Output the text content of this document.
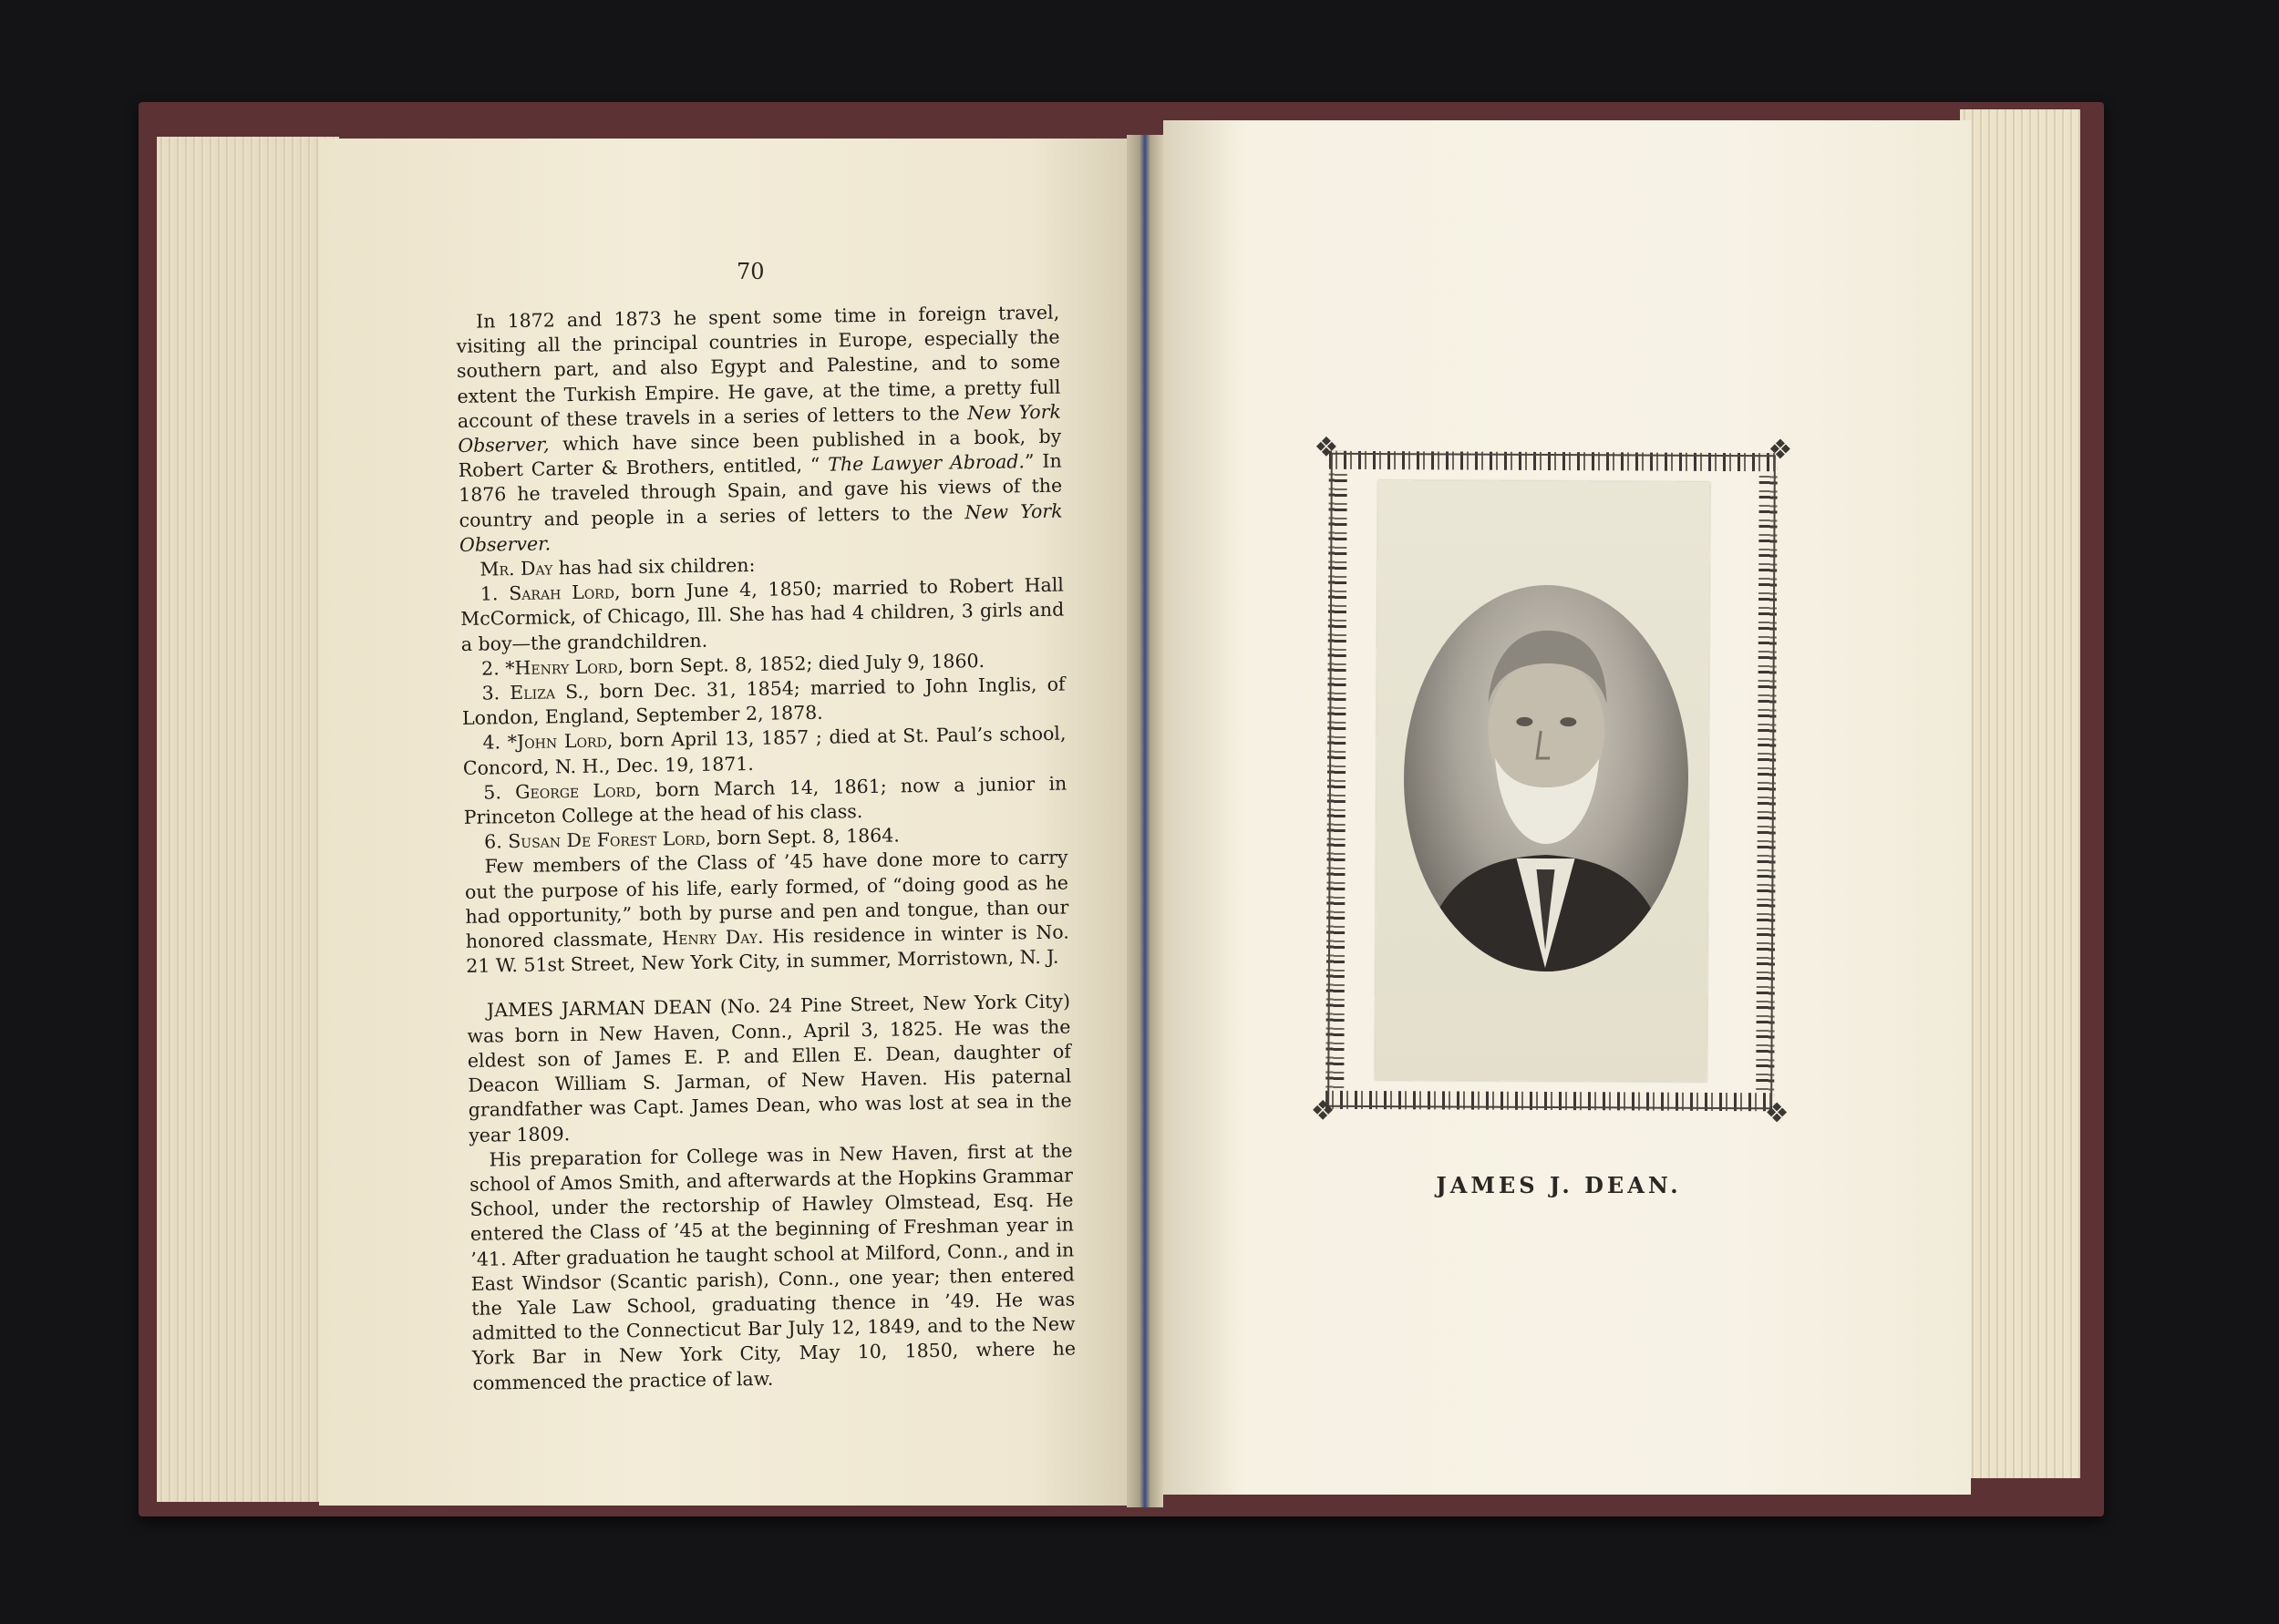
70

In 1872 and 1873 he spent some time in foreign travel, visiting all the principal countries in Europe, especially the southern part, and also Egypt and Palestine, and to some extent the Turkish Empire. He gave, at the time, a pretty full account of these travels in a series of letters to the New York Observer, which have since been published in a book, by Robert Carter & Brothers, entitled, “ The Lawyer Abroad.” In 1876 he traveled through Spain, and gave his views of the country and people in a series of letters to the New York Observer.

Mr. Day has had six children:

1. Sarah Lord, born June 4, 1850; married to Robert Hall McCormick, of Chicago, Ill. She has had 4 children, 3 girls and a boy—the grandchildren.

2. *Henry Lord, born Sept. 8, 1852; died July 9, 1860.

3. Eliza S., born Dec. 31, 1854; married to John Inglis, of London, England, September 2, 1878.

4. *John Lord, born April 13, 1857 ; died at St. Paul’s school, Concord, N. H., Dec. 19, 1871.

5. George Lord, born March 14, 1861; now a junior in Princeton College at the head of his class.

6. Susan De Forest Lord, born Sept. 8, 1864.

Few members of the Class of ’45 have done more to carry out the purpose of his life, early formed, of “doing good as he had opportunity,” both by purse and pen and tongue, than our honored classmate, Henry Day. His residence in winter is No. 21 W. 51st Street, New York City, in summer, Morristown, N. J.

JAMES JARMAN DEAN (No. 24 Pine Street, New York City) was born in New Haven, Conn., April 3, 1825. He was the eldest son of James E. P. and Ellen E. Dean, daughter of Deacon William S. Jarman, of New Haven. His paternal grandfather was Capt. James Dean, who was lost at sea in the year 1809.

His preparation for College was in New Haven, first at the school of Amos Smith, and afterwards at the Hopkins Grammar School, under the rectorship of Hawley Olmstead, Esq. He entered the Class of ’45 at the beginning of Freshman year in ’41. After graduation he taught school at Milford, Conn., and in East Windsor (Scantic parish), Conn., one year; then entered the Yale Law School, graduating thence in ’49. He was admitted to the Connecticut Bar July 12, 1849, and to the New York Bar in New York City, May 10, 1850, where he commenced the practice of law.

❖	❖
❖	❖
JAMES J. DEAN.
